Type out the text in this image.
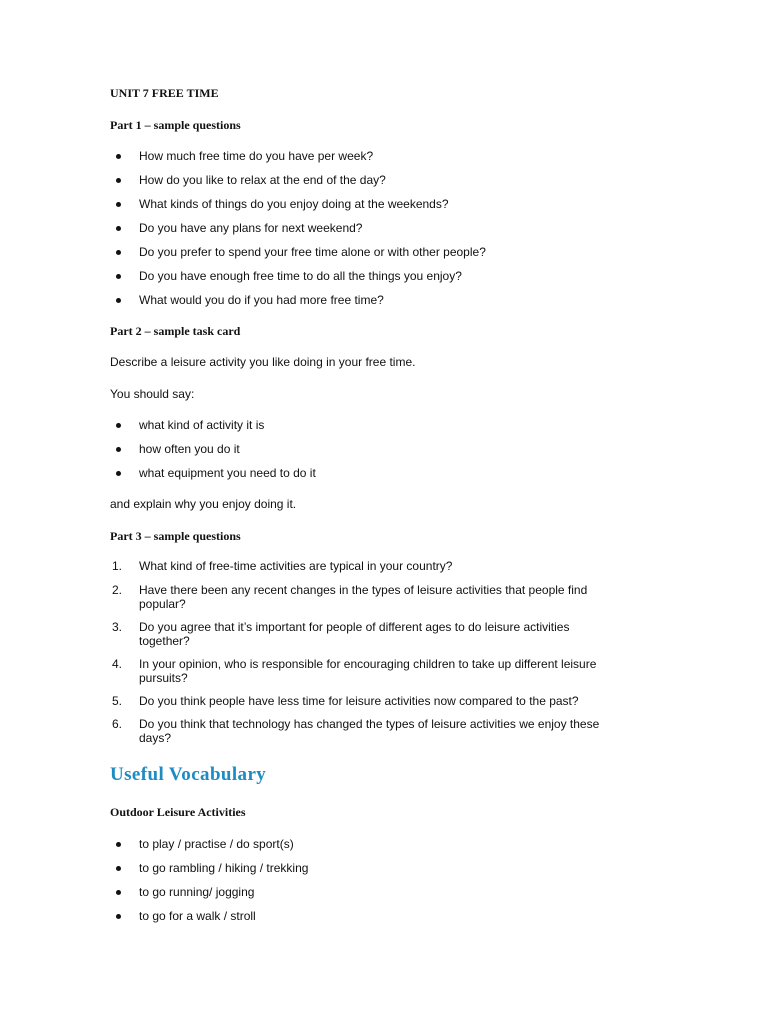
UNIT 7 FREE TIME

Part 1 – sample questions

How much free time do you have per week?
How do you like to relax at the end of the day?
What kinds of things do you enjoy doing at the weekends?
Do you have any plans for next weekend?
Do you prefer to spend your free time alone or with other people?
Do you have enough free time to do all the things you enjoy?
What would you do if you had more free time?

Part 2 – sample task card

Describe a leisure activity you like doing in your free time.

You should say:

what kind of activity it is
how often you do it
what equipment you need to do it

and explain why you enjoy doing it.

Part 3 – sample questions

1.	What kind of free-time activities are typical in your country?
2.	Have there been any recent changes in the types of leisure activities that people find popular?
3.	Do you agree that it’s important for people of different ages to do leisure activities together?
4.	In your opinion, who is responsible for encouraging children to take up different leisure pursuits?
5.	Do you think people have less time for leisure activities now compared to the past?
6.	Do you think that technology has changed the types of leisure activities we enjoy these days?
Useful Vocabulary

Outdoor Leisure Activities

to play / practise / do sport(s)
to go rambling / hiking / trekking
to go running/ jogging
to go for a walk / stroll
